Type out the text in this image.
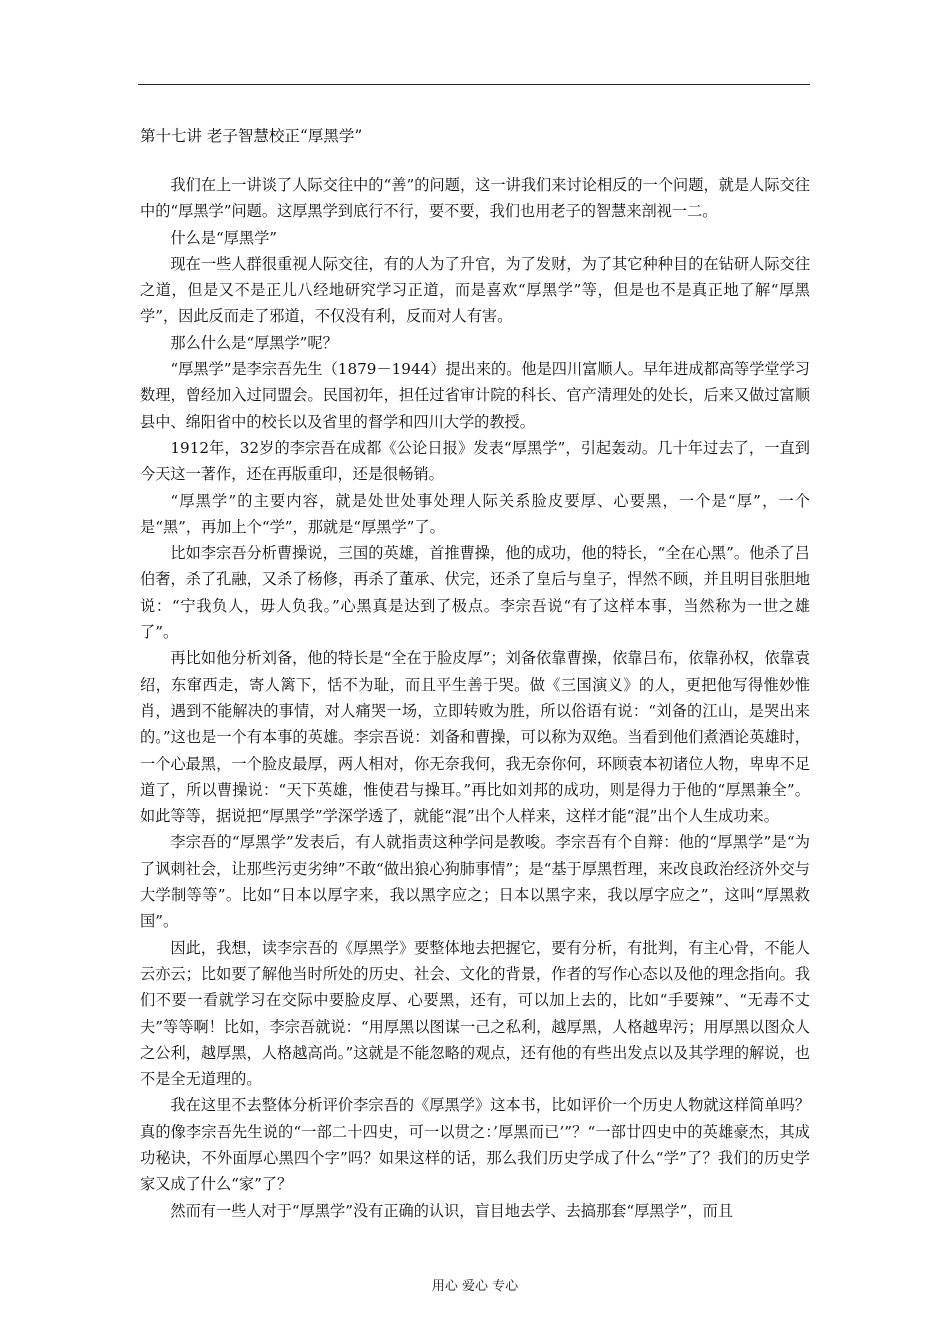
第十七讲 老子智慧校正“厚黑学”

我们在上一讲谈了人际交往中的“善”的问题，这一讲我们来讨论相反的一个问题，就是人际交往中的“厚黑学”问题。这厚黑学到底行不行，要不要，我们也用老子的智慧来剖视一二。

什么是“厚黑学”

现在一些人群很重视人际交往，有的人为了升官，为了发财，为了其它种种目的在钻研人际交往之道，但是又不是正儿八经地研究学习正道，而是喜欢“厚黑学”等，但是也不是真正地了解“厚黑学”，因此反而走了邪道，不仅没有利，反而对人有害。

那么什么是“厚黑学”呢？

“厚黑学”是李宗吾先生（1879－1944）提出来的。他是四川富顺人。早年进成都高等学堂学习数理，曾经加入过同盟会。民国初年，担任过省审计院的科长、官产清理处的处长，后来又做过富顺县中、绵阳省中的校长以及省里的督学和四川大学的教授。

1912年，32岁的李宗吾在成都《公论日报》发表“厚黑学”，引起轰动。几十年过去了，一直到今天这一著作，还在再版重印，还是很畅销。

“厚黑学”的主要内容，就是处世处事处理人际关系脸皮要厚、心要黑，一个是“厚”，一个是“黑”，再加上个“学”，那就是“厚黑学”了。

比如李宗吾分析曹操说，三国的英雄，首推曹操，他的成功，他的特长，“全在心黑”。他杀了吕伯奢，杀了孔融，又杀了杨修，再杀了董承、伏完，还杀了皇后与皇子，悍然不顾，并且明目张胆地说：“宁我负人，毋人负我。”心黑真是达到了极点。李宗吾说“有了这样本事，当然称为一世之雄了”。

再比如他分析刘备，他的特长是“全在于脸皮厚”；刘备依靠曹操，依靠吕布，依靠孙权，依靠袁绍，东窜西走，寄人篱下，恬不为耻，而且平生善于哭。做《三国演义》的人，更把他写得惟妙惟肖，遇到不能解决的事情，对人痛哭一场，立即转败为胜，所以俗语有说：“刘备的江山，是哭出来的。”这也是一个有本事的英雄。李宗吾说：刘备和曹操，可以称为双绝。当看到他们煮酒论英雄时，一个心最黑，一个脸皮最厚，两人相对，你无奈我何，我无奈你何，环顾袁本初诸位人物，卑卑不足道了，所以曹操说：“天下英雄，惟使君与操耳。”再比如刘邦的成功，则是得力于他的“厚黑兼全”。如此等等，据说把“厚黑学”学深学透了，就能“混”出个人样来，这样才能“混”出个人生成功来。

李宗吾的“厚黑学”发表后，有人就指责这种学问是教唆。李宗吾有个自辩：他的“厚黑学”是“为了讽刺社会，让那些污吏劣绅”不敢“做出狼心狗肺事情”；是“基于厚黑哲理，来改良政治经济外交与大学制等等”。比如“日本以厚字来，我以黑字应之；日本以黑字来，我以厚字应之”，这叫“厚黑救国”。

因此，我想，读李宗吾的《厚黑学》要整体地去把握它，要有分析，有批判，有主心骨，不能人云亦云；比如要了解他当时所处的历史、社会、文化的背景，作者的写作心态以及他的理念指向。我们不要一看就学习在交际中要脸皮厚、心要黑，还有，可以加上去的，比如“手要辣”、“无毒不丈夫”等等啊！比如，李宗吾就说：“用厚黑以图谋一己之私利，越厚黑，人格越卑污；用厚黑以图众人之公利，越厚黑，人格越高尚。”这就是不能忽略的观点，还有他的有些出发点以及其学理的解说，也不是全无道理的。

我在这里不去整体分析评价李宗吾的《厚黑学》这本书，比如评价一个历史人物就这样简单吗？真的像李宗吾先生说的“一部二十四史，可一以贯之：’厚黑而已’”？“一部廿四史中的英雄豪杰，其成功秘诀，不外面厚心黑四个字”吗？如果这样的话，那么我们历史学成了什么“学”了？我们的历史学家又成了什么“家”了？

然而有一些人对于“厚黑学”没有正确的认识，盲目地去学、去搞那套“厚黑学”，而且

用心 爱心 专心
